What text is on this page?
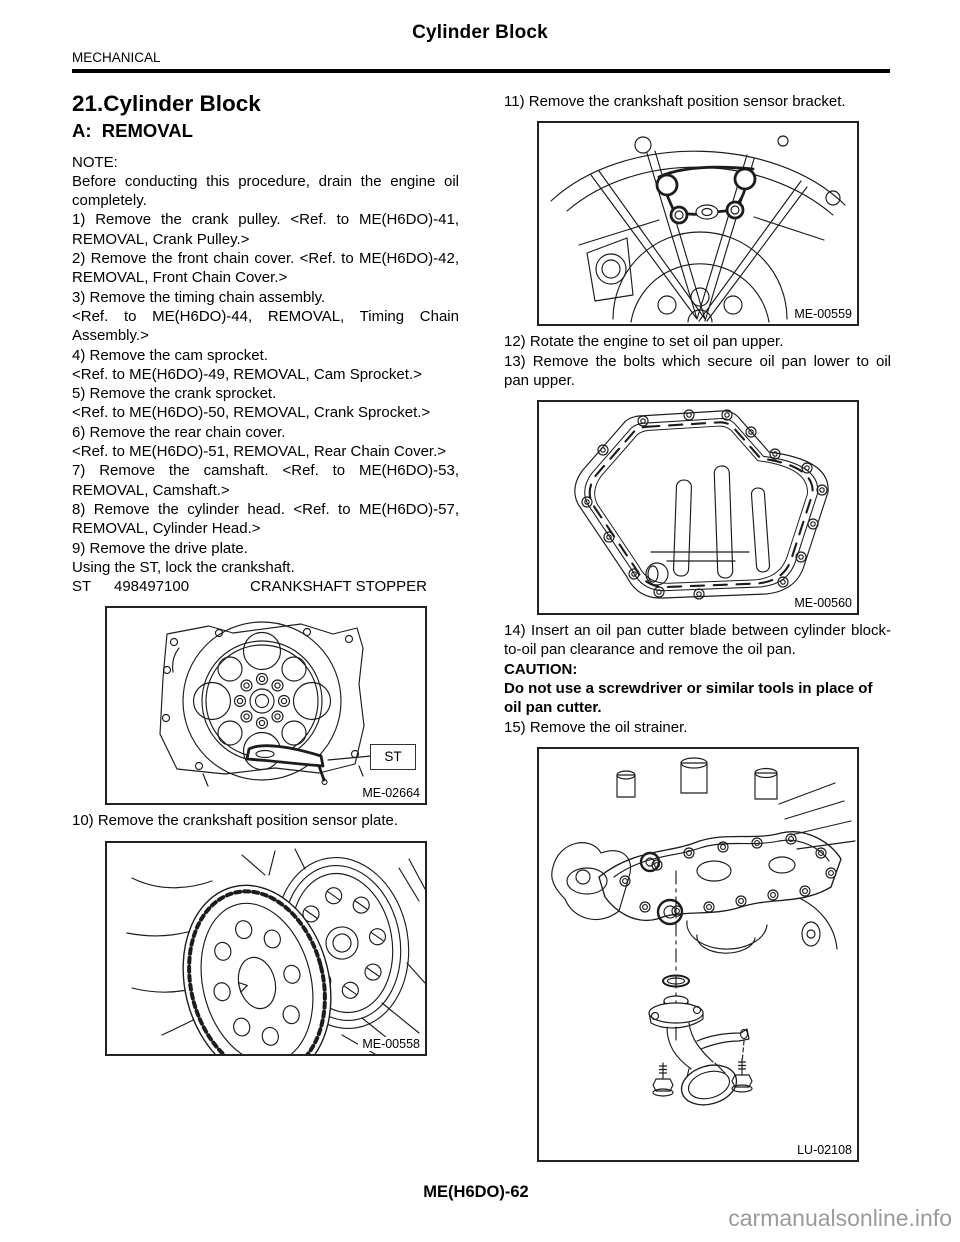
Cylinder Block
MECHANICAL
21.Cylinder Block
A:  REMOVAL

NOTE:

Before conducting this procedure, drain the engine oil completely.

1) Remove the crank pulley. <Ref. to ME(H6DO)-41, REMOVAL, Crank Pulley.>

2) Remove the front chain cover. <Ref. to ME(H6DO)-42, REMOVAL, Front Chain Cover.>

3) Remove the timing chain assembly.

<Ref. to ME(H6DO)-44, REMOVAL, Timing Chain Assembly.>

4) Remove the cam sprocket.

<Ref. to ME(H6DO)-49, REMOVAL, Cam Sprocket.>

5) Remove the crank sprocket.

<Ref. to ME(H6DO)-50, REMOVAL, Crank Sprocket.>

6) Remove the rear chain cover.

<Ref. to ME(H6DO)-51, REMOVAL, Rear Chain Cover.>

7) Remove the camshaft. <Ref. to ME(H6DO)-53, REMOVAL, Camshaft.>

8) Remove the cylinder head. <Ref. to ME(H6DO)-57, REMOVAL, Cylinder Head.>

9) Remove the drive plate.

Using the ST, lock the crankshaft.

ST	498497100	CRANKSHAFT STOPPER
ST
ME-02664

10) Remove the crankshaft position sensor plate.

ME-00558

11) Remove the crankshaft position sensor bracket.

ME-00559

12) Rotate the engine to set oil pan upper.

13) Remove the bolts which secure oil pan lower to oil pan upper.

ME-00560

14) Insert an oil pan cutter blade between cylinder block-to-oil pan clearance and remove the oil pan.

CAUTION:

Do not use a screwdriver or similar tools in place of oil pan cutter.

15) Remove the oil strainer.

LU-02108
ME(H6DO)-62
carmanualsonline.info
